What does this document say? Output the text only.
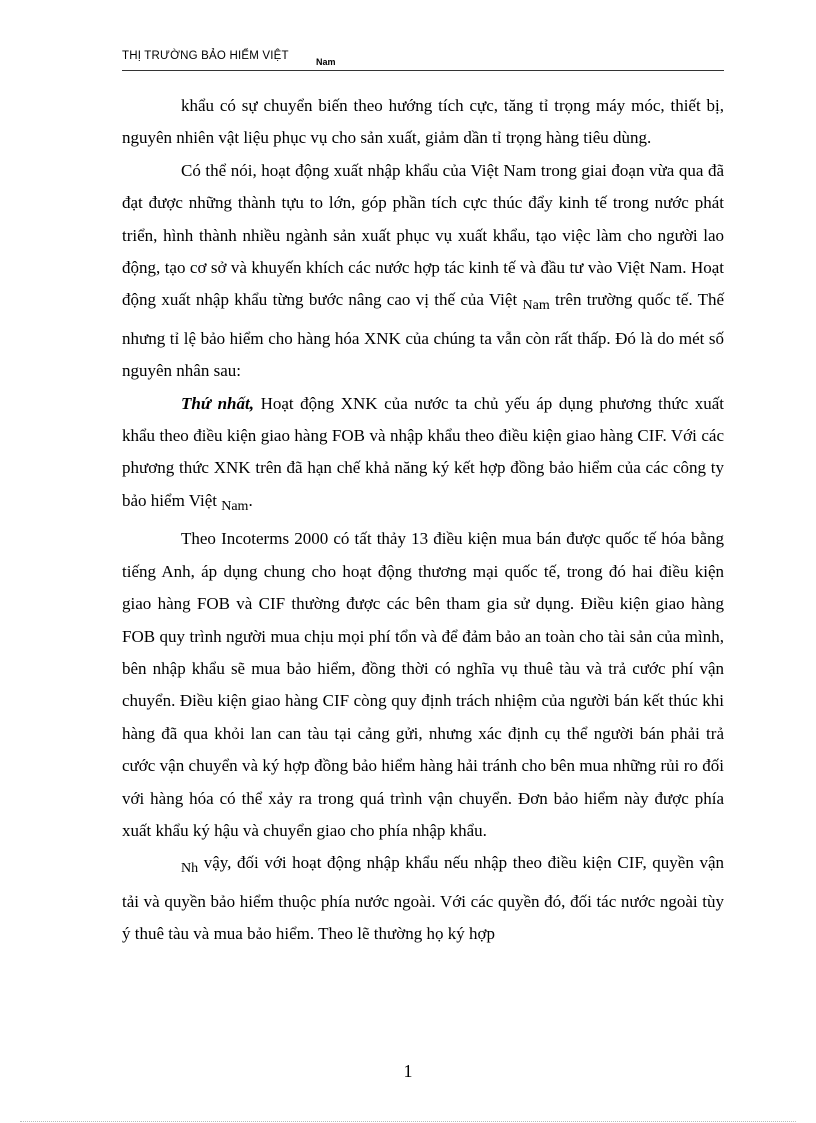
THỊ TRƯỜNG BẢO HIỂM VIỆT	Nam

khẩu có sự chuyển biến theo hướng tích cực, tăng tỉ trọng máy móc, thiết bị, nguyên nhiên vật liệu phục vụ cho sản xuất, giảm dần tỉ trọng hàng tiêu dùng.

Có thể nói, hoạt động xuất nhập khẩu của Việt Nam trong giai đoạn vừa qua đã đạt được những thành tựu to lớn, góp phần tích cực thúc đẩy kinh tế trong nước phát triển, hình thành nhiều ngành sản xuất phục vụ xuất khẩu, tạo việc làm cho người lao động, tạo cơ sở và khuyến khích các nước hợp tác kinh tế và đầu tư vào Việt Nam. Hoạt động xuất nhập khẩu từng bước nâng cao vị thế của Việt $_{Nam}$ trên trường quốc tế. Thế nhưng tỉ lệ bảo hiểm cho hàng hóa XNK của chúng ta vẫn còn rất thấp. Đó là do mét số nguyên nhân sau:

Thứ nhất, Hoạt động XNK của nước ta chủ yếu áp dụng phương thức xuất khẩu theo điều kiện giao hàng FOB và nhập khẩu theo điều kiện giao hàng CIF. Với các phương thức XNK trên đã hạn chế khả năng ký kết hợp đồng bảo hiểm của các công ty bảo hiểm Việt $_{Nam}$.

Theo Incoterms 2000 có tất thảy 13 điều kiện mua bán được quốc tế hóa bằng tiếng Anh, áp dụng chung cho hoạt động thương mại quốc tế, trong đó hai điều kiện giao hàng FOB và CIF thường được các bên tham gia sử dụng. Điều kiện giao hàng FOB quy trình người mua chịu mọi phí tổn và để đảm bảo an toàn cho tài sản của mình, bên nhập khẩu sẽ mua bảo hiểm, đồng thời có nghĩa vụ thuê tàu và trả cước phí vận chuyển. Điều kiện giao hàng CIF còng quy định trách nhiệm của người bán kết thúc khi hàng đã qua khỏi lan can tàu tại cảng gửi, nhưng xác định cụ thể người bán phải trả cước vận chuyển và ký hợp đồng bảo hiểm hàng hải tránh cho bên mua những rủi ro đối với hàng hóa có thể xảy ra trong quá trình vận chuyển. Đơn bảo hiểm này được phía xuất khẩu ký hậu và chuyển giao cho phía nhập khẩu.

$_{Nh}$ vậy, đối với hoạt động nhập khẩu nếu nhập theo điều kiện CIF, quyền vận tải và quyền bảo hiểm thuộc phía nước ngoài. Với các quyền đó, đối tác nước ngoài tùy ý thuê tàu và mua bảo hiểm. Theo lẽ thường họ ký hợp

1
